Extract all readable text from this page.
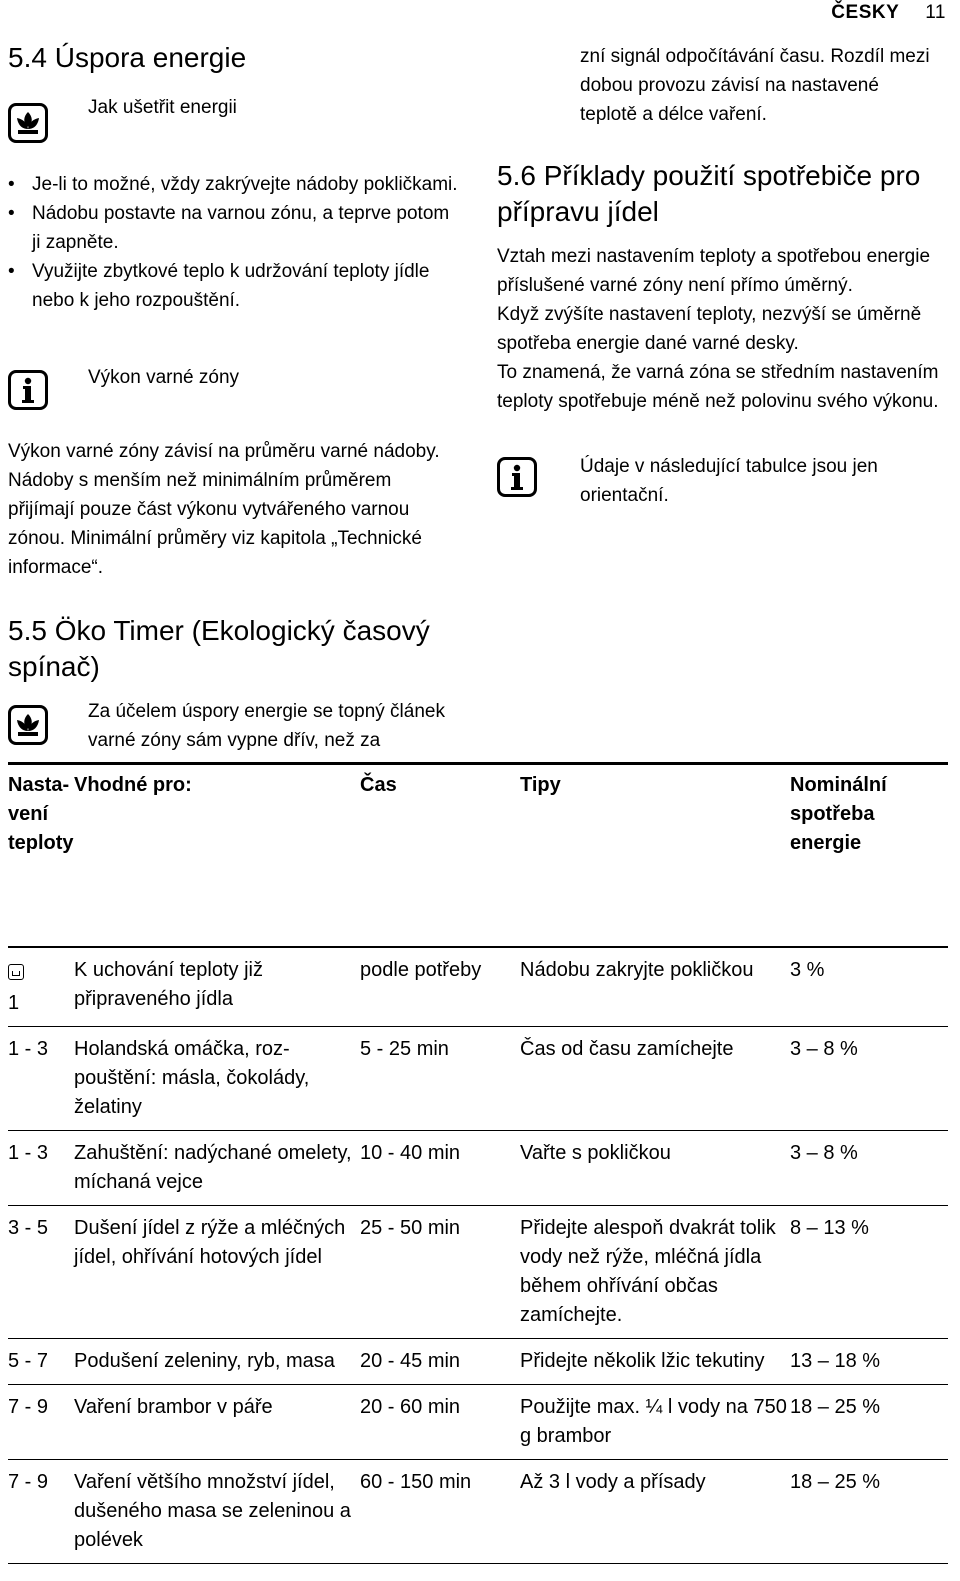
ČESKY 11
5.4 Úspora energie
Jak ušetřit energii
• Je-li to možné, vždy zakrývejte nádoby pokličkami.
• Nádobu postavte na varnou zónu, a teprve potom ji zapněte.
• Využijte zbytkové teplo k udržování teploty jídle nebo k jeho rozpouštění.
Výkon varné zóny
Výkon varné zóny závisí na průměru varné nádoby. Nádoby s menším než minimálním průměrem přijímají pouze část výkonu vytvářeného varnou zónou. Minimální průměry viz kapitola „Technické informace“.
5.5 Öko Timer (Ekologický časový spínač)
Za účelem úspory energie se topný článek varné zóny sám vypne dřív, než za
zní signál odpočítávání času. Rozdíl mezi dobou provozu závisí na nastavené teplotě a délce vaření.
5.6 Příklady použití spotřebiče pro přípravu jídel
Vztah mezi nastavením teploty a spotřebou energie příslušené varné zóny není přímo úměrný.
Když zvýšíte nastavení teploty, nezvýší se úměrně spotřeba energie dané varné desky.
To znamená, že varná zóna se středním nastavením teploty spotřebuje méně než polovinu svého výkonu.
Údaje v následující tabulce jsou jen orientační.
Nastavení teploty	Vhodné pro:	Čas	Tipy	Nominální spotřeba energie

1	K uchování teploty již připraveného jídla	podle potřeby	Nádobu zakryjte pokličkou	3 %
1 - 3	Holandská omáčka, rozpouštění: másla, čokolády, želatiny	5 - 25 min	Čas od času zamíchejte	3 – 8 %
1 - 3	Zahuštění: nadýchané omelety, míchaná vejce	10 - 40 min	Vařte s pokličkou	3 – 8 %
3 - 5	Dušení jídel z rýže a mléčných jídel, ohřívání hotových jídel	25 - 50 min	Přidejte alespoň dvakrát tolik vody než rýže, mléčná jídla během ohřívání občas zamíchejte.	8 – 13 %
5 - 7	Podušení zeleniny, ryb, masa	20 - 45 min	Přidejte několik lžic tekutiny	13 – 18 %
7 - 9	Vaření brambor v páře	20 - 60 min	Použijte max. ¼ l vody na 750 g brambor	18 – 25 %
7 - 9	Vaření většího množství jídel, dušeného masa se zeleninou a polévek	60 - 150 min	Až 3 l vody a přísady	18 – 25 %
